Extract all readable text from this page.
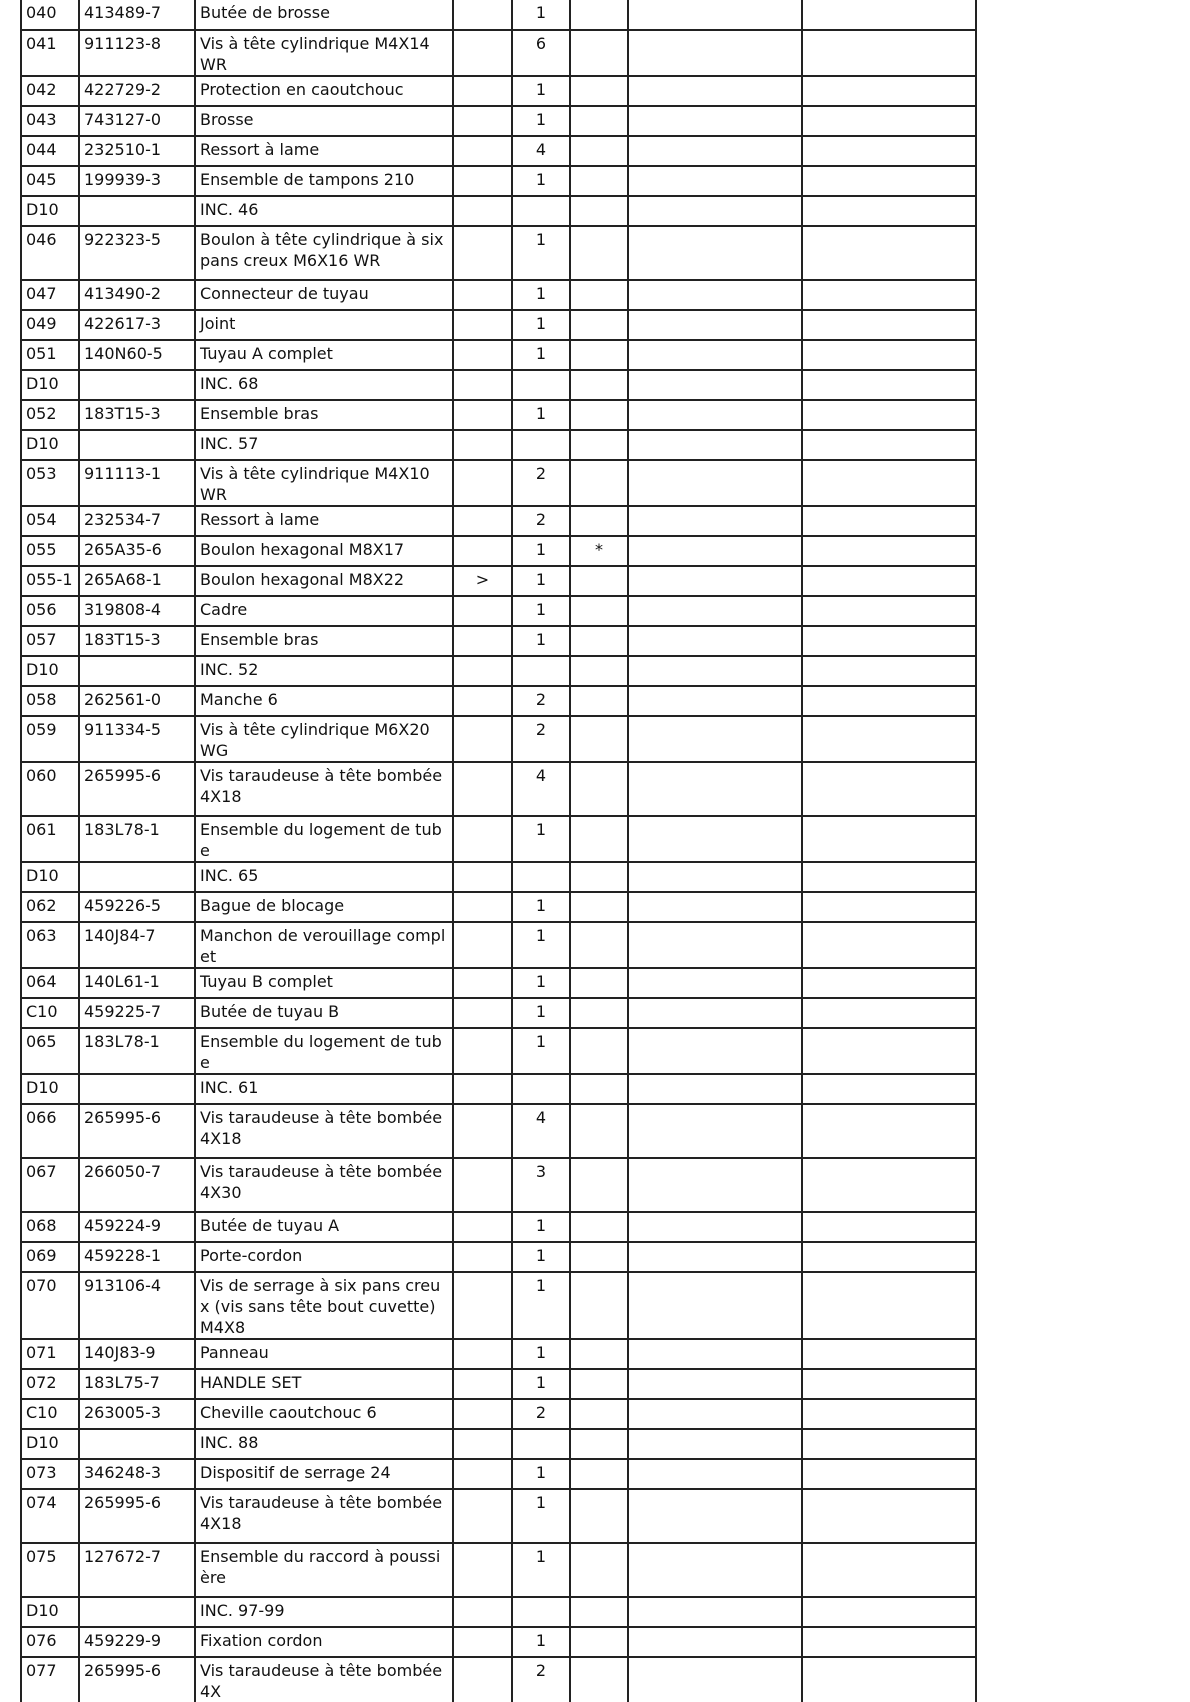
040	413489-7	Butée de brosse		1			
041	911123-8	Vis à tête cylindrique M4X14 WR		6			
042	422729-2	Protection en caoutchouc		1			
043	743127-0	Brosse		1			
044	232510-1	Ressort à lame		4			
045	199939-3	Ensemble de tampons 210		1			
D10		INC. 46					
046	922323-5	Boulon à tête cylindrique à six pans creux M6X16 WR		1			
047	413490-2	Connecteur de tuyau		1			
049	422617-3	Joint		1			
051	140N60-5	Tuyau A complet		1			
D10		INC. 68					
052	183T15-3	Ensemble bras		1			
D10		INC. 57					
053	911113-1	Vis à tête cylindrique M4X10 WR		2			
054	232534-7	Ressort à lame		2			
055	265A35-6	Boulon hexagonal M8X17		1	*		
055-1	265A68-1	Boulon hexagonal M8X22	>	1			
056	319808-4	Cadre		1			
057	183T15-3	Ensemble bras		1			
D10		INC. 52					
058	262561-0	Manche 6		2			
059	911334-5	Vis à tête cylindrique M6X20 WG		2			
060	265995-6	Vis taraudeuse à tête bombée 4X18		4			
061	183L78-1	Ensemble du logement de tube		1			
D10		INC. 65					
062	459226-5	Bague de blocage		1			
063	140J84-7	Manchon de verouillage complet		1			
064	140L61-1	Tuyau B complet		1			
C10	459225-7	Butée de tuyau B		1			
065	183L78-1	Ensemble du logement de tube		1			
D10		INC. 61					
066	265995-6	Vis taraudeuse à tête bombée 4X18		4			
067	266050-7	Vis taraudeuse à tête bombée 4X30		3			
068	459224-9	Butée de tuyau A		1			
069	459228-1	Porte-cordon		1			
070	913106-4	Vis de serrage à six pans creux (vis sans tête bout cuvette) M4X8		1			
071	140J83-9	Panneau		1			
072	183L75-7	HANDLE SET		1			
C10	263005-3	Cheville caoutchouc 6		2			
D10		INC. 88					
073	346248-3	Dispositif de serrage 24		1			
074	265995-6	Vis taraudeuse à tête bombée 4X18		1			
075	127672-7	Ensemble du raccord à poussière		1			
D10		INC. 97-99					
076	459229-9	Fixation cordon		1			
077	265995-6	Vis taraudeuse à tête bombée 4X		2			
